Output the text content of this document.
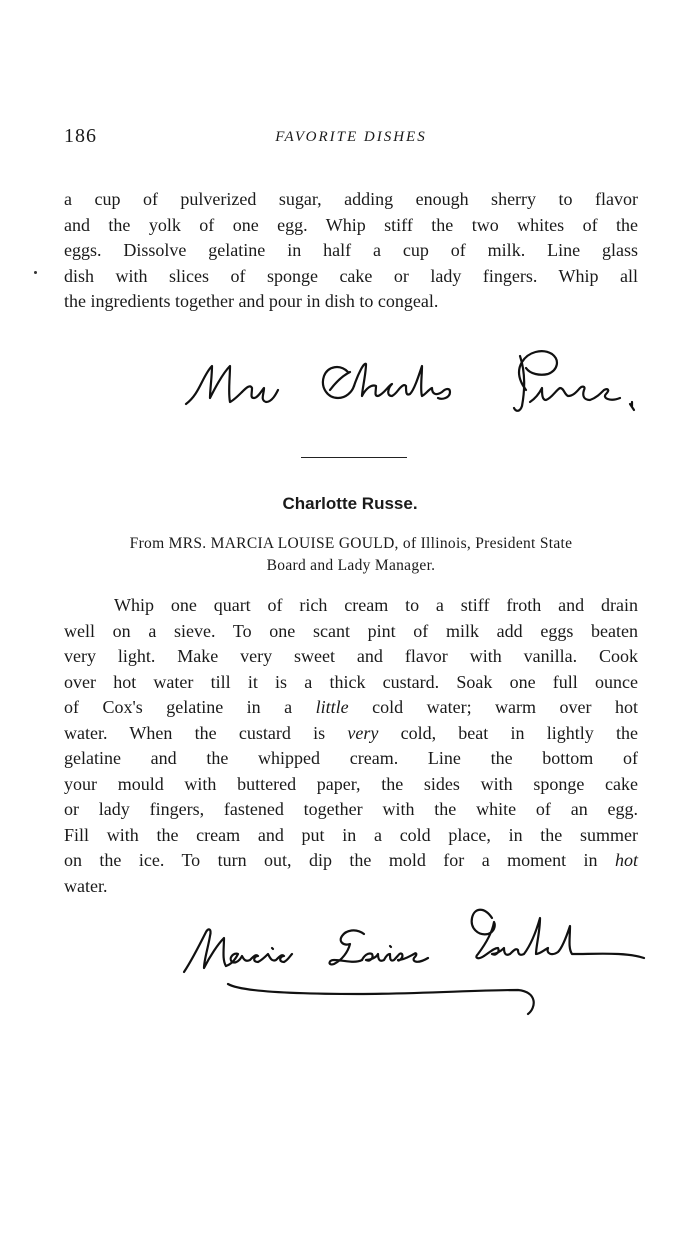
186	FAVORITE DISHES
a cup of pulverized sugar, adding enough sherry to flavor
and the yolk of one egg. Whip stiff the two whites of the
eggs. Dissolve gelatine in half a cup of milk. Line glass
dish with slices of sponge cake or lady fingers. Whip all
the ingredients together and pour in dish to congeal.
Charlotte Russe.
From MRS. MARCIA LOUISE GOULD, of Illinois, President State
Board and Lady Manager.
Whip one quart of rich cream to a stiff froth and drain
well on a sieve. To one scant pint of milk add eggs beaten
very light. Make very sweet and flavor with vanilla. Cook
over hot water till it is a thick custard. Soak one full ounce
of Cox's gelatine in a little cold water; warm over hot
water. When the custard is very cold, beat in lightly the
gelatine and the whipped cream. Line the bottom of
your mould with buttered paper, the sides with sponge cake
or lady fingers, fastened together with the white of an egg.
Fill with the cream and put in a cold place, in the summer
on the ice. To turn out, dip the mold for a moment in hot
water.
